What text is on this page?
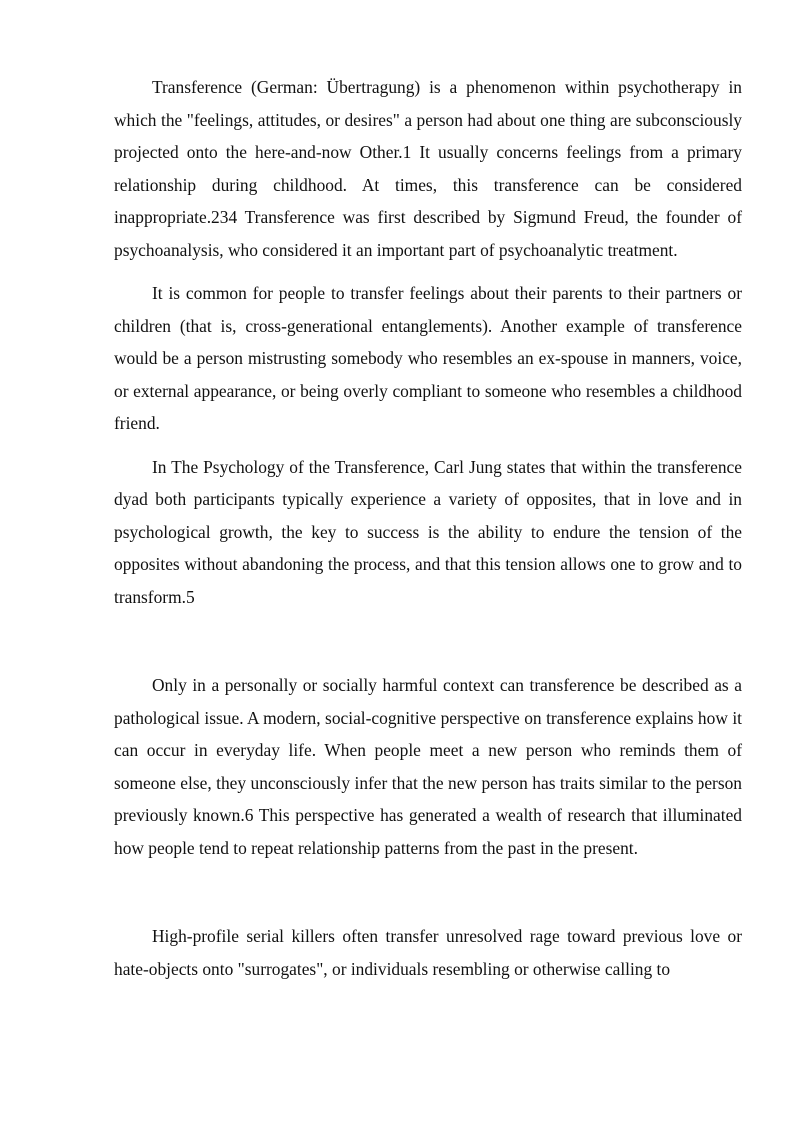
Transference (German: Übertragung) is a phenomenon within psychotherapy in which the "feelings, attitudes, or desires" a person had about one thing are subconsciously projected onto the here-and-now Other.1 It usually concerns feelings from a primary relationship during childhood. At times, this transference can be considered inappropriate.234 Transference was first described by Sigmund Freud, the founder of psychoanalysis, who considered it an important part of psychoanalytic treatment.

It is common for people to transfer feelings about their parents to their partners or children (that is, cross-generational entanglements). Another example of transference would be a person mistrusting somebody who resembles an ex-spouse in manners, voice, or external appearance, or being overly compliant to someone who resembles a childhood friend.

In The Psychology of the Transference, Carl Jung states that within the transference dyad both participants typically experience a variety of opposites, that in love and in psychological growth, the key to success is the ability to endure the tension of the opposites without abandoning the process, and that this tension allows one to grow and to transform.5

Only in a personally or socially harmful context can transference be described as a pathological issue. A modern, social-cognitive perspective on transference explains how it can occur in everyday life. When people meet a new person who reminds them of someone else, they unconsciously infer that the new person has traits similar to the person previously known.6 This perspective has generated a wealth of research that illuminated how people tend to repeat relationship patterns from the past in the present.

High-profile serial killers often transfer unresolved rage toward previous love or hate-objects onto "surrogates", or individuals resembling or otherwise calling to
